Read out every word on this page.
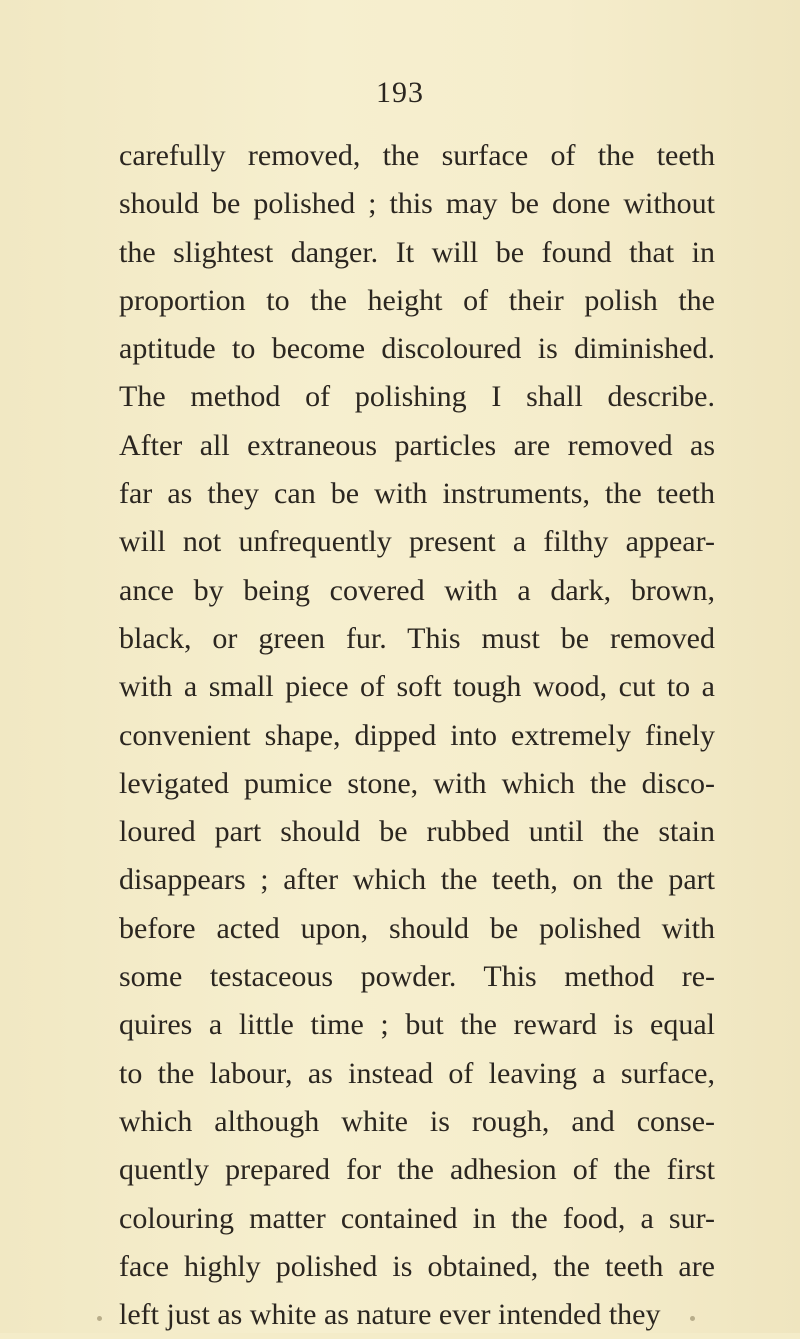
193
carefully removed, the surface of the teeth
should be polished ; this may be done without
the slightest danger. It will be found that in
proportion to the height of their polish the
aptitude to become discoloured is diminished.
The method of polishing I shall describe.
After all extraneous particles are removed as
far as they can be with instruments, the teeth
will not unfrequently present a filthy appear-
ance by being covered with a dark, brown,
black, or green fur. This must be removed
with a small piece of soft tough wood, cut to a
convenient shape, dipped into extremely finely
levigated pumice stone, with which the disco-
loured part should be rubbed until the stain
disappears ; after which the teeth, on the part
before acted upon, should be polished with
some testaceous powder. This method re-
quires a little time ; but the reward is equal
to the labour, as instead of leaving a surface,
which although white is rough, and conse-
quently prepared for the adhesion of the first
colouring matter contained in the food, a sur-
face highly polished is obtained, the teeth are
left just as white as nature ever intended they
